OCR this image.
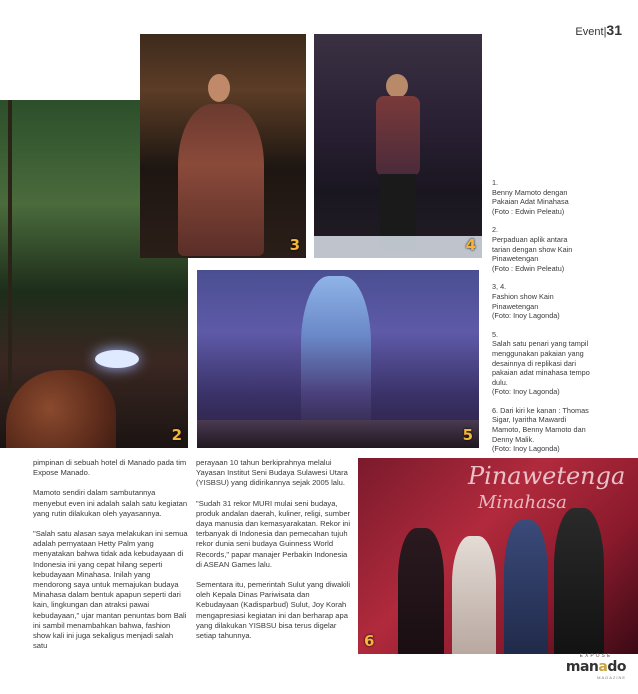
Event|31
2
3	4
5
Pinawetenga
Minahasa
6
1.
Benny Mamoto dengan
Pakaian Adat Minahasa
(Foto : Edwin Peleatu)
2.
Perpaduan aplik antara
tarian dengan show Kain
Pinawetengan
(Foto : Edwin Peleatu)
3, 4.
Fashion show Kain
Pinawetengan
(Foto: Inoy Lagonda)
5.
Salah satu penari yang tampil
menggunakan pakaian yang
desainnya di replikasi dari
pakaian adat minahasa tempo
dulu.
(Foto: Inoy Lagonda)
6. Dari kiri ke kanan : Thomas
Sigar, Iyaritha Mawardi
Mamoto, Benny Mamoto dan
Denny Malik.
(Foto: Inoy Lagonda)

pimpinan di sebuah hotel di Manado pada tim Expose Manado.

Mamoto sendiri dalam sambutannya menyebut even ini adalah salah satu kegiatan yang rutin dilakukan oleh yayasannya.

"Salah satu alasan saya melakukan ini semua adalah pernyataan Hetty Palm yang menyatakan bahwa tidak ada kebudayaan di Indonesia ini yang cepat hilang seperti kebudayaan Minahasa. Inilah yang mendorong saya untuk memajukan budaya Minahasa dalam bentuk apapun seperti dari kain, lingkungan dan atraksi pawai kebudayaan," ujar mantan penuntas bom Bali ini sambil menambahkan bahwa, fashion show kali ini juga sekaligus menjadi salah satu

perayaan 10 tahun berkiprahnya melalui Yayasan Institut Seni Budaya Sulawesi Utara (YISBSU) yang didirikannya sejak 2005 lalu.

"Sudah 31 rekor MURI mulai seni budaya, produk andalan daerah, kuliner, religi, sumber daya manusia dan kemasyarakatan. Rekor ini terbanyak di Indonesia dan pemecahan tujuh rekor dunia seni budaya Guinness World Records," papar manajer Perbakin Indonesia di ASEAN Games lalu.

Sementara itu, pemerintah Sulut yang diwakili oleh Kepala Dinas Pariwisata dan Kebudayaan (Kadisparbud) Sulut, Joy Korah mengapresiasi kegiatan ini dan berharap apa yang dilakukan YISBSU bisa terus digelar setiap tahunnya.

EXPOSE
manado
MAGAZINE
